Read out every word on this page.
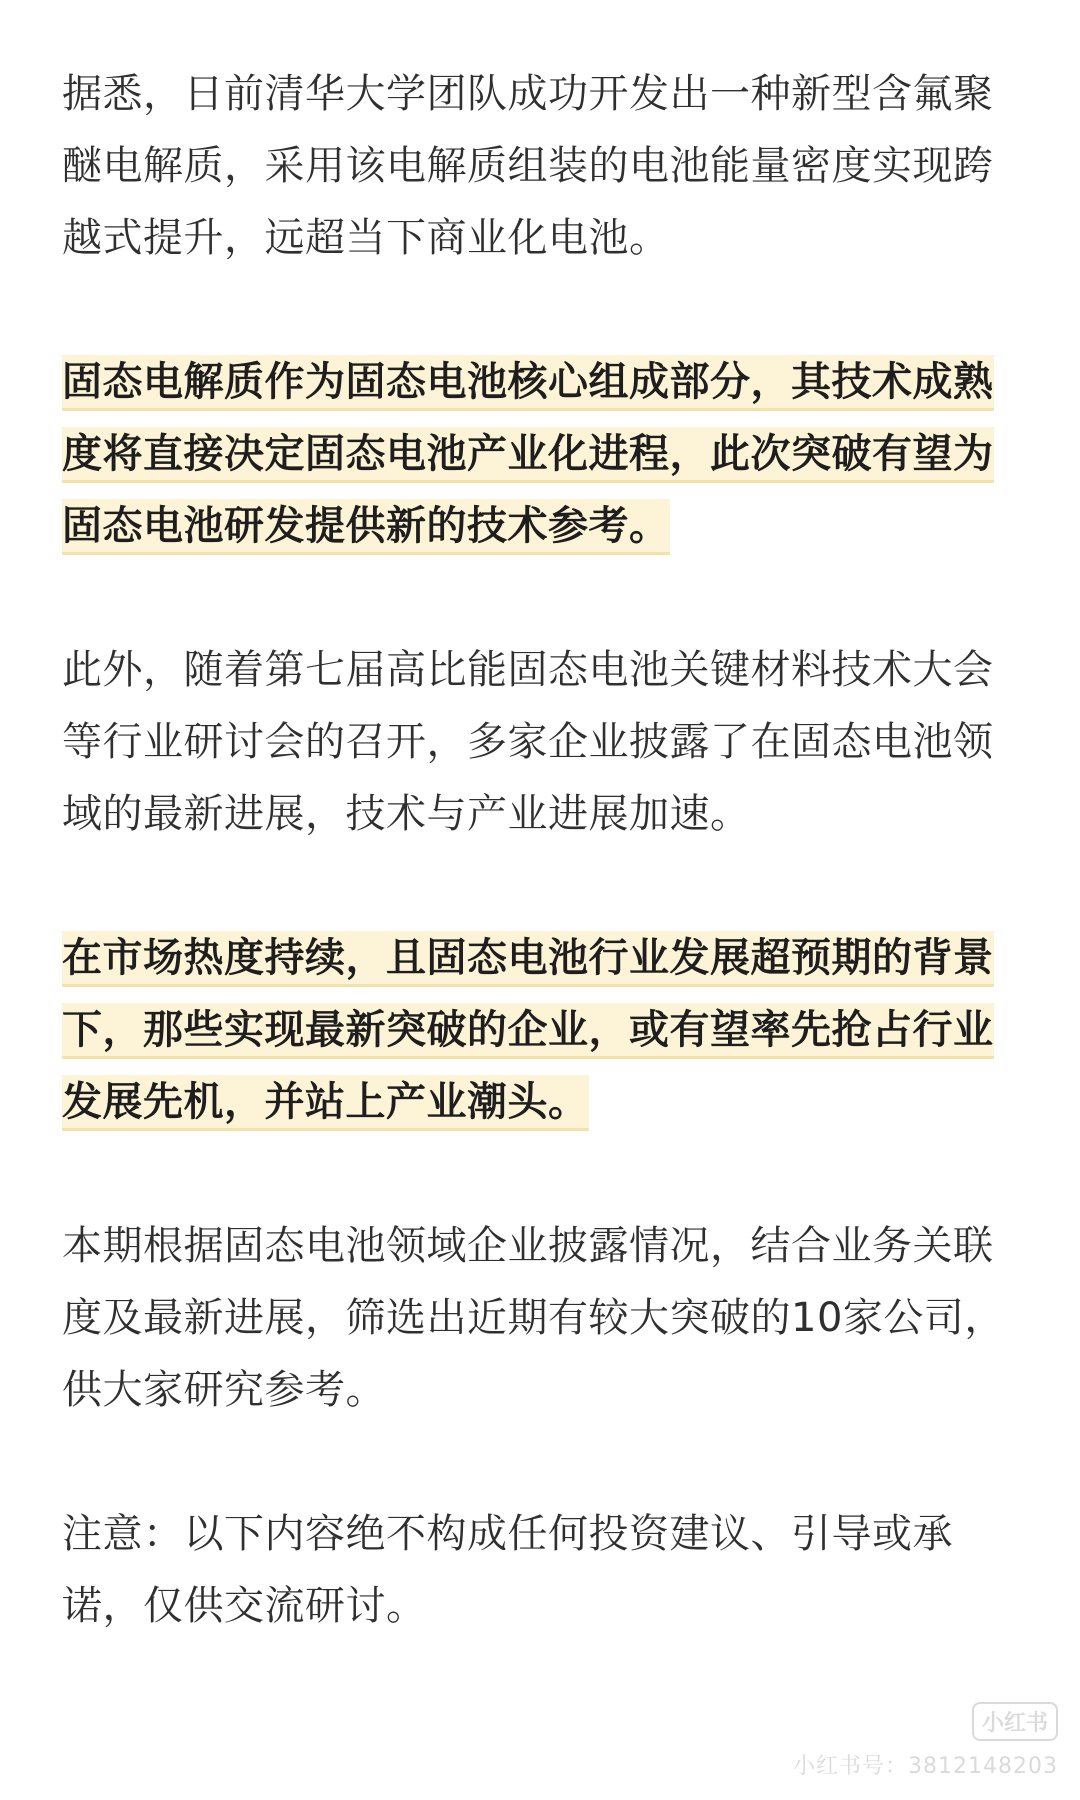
据悉，日前清华大学团队成功开发出一种新型含氟聚醚电解质，采用该电解质组装的电池能量密度实现跨越式提升，远超当下商业化电池。

固态电解质作为固态电池核心组成部分，其技术成熟度将直接决定固态电池产业化进程，此次突破有望为固态电池研发提供新的技术参考。

此外，随着第七届高比能固态电池关键材料技术大会等行业研讨会的召开，多家企业披露了在固态电池领域的最新进展，技术与产业进展加速。

在市场热度持续，且固态电池行业发展超预期的背景下，那些实现最新突破的企业，或有望率先抢占行业发展先机，并站上产业潮头。

本期根据固态电池领域企业披露情况，结合业务关联度及最新进展，筛选出近期有较大突破的10家公司，供大家研究参考。

注意：以下内容绝不构成任何投资建议、引导或承诺，仅供交流研讨。

小红书
小红书号：3812148203
